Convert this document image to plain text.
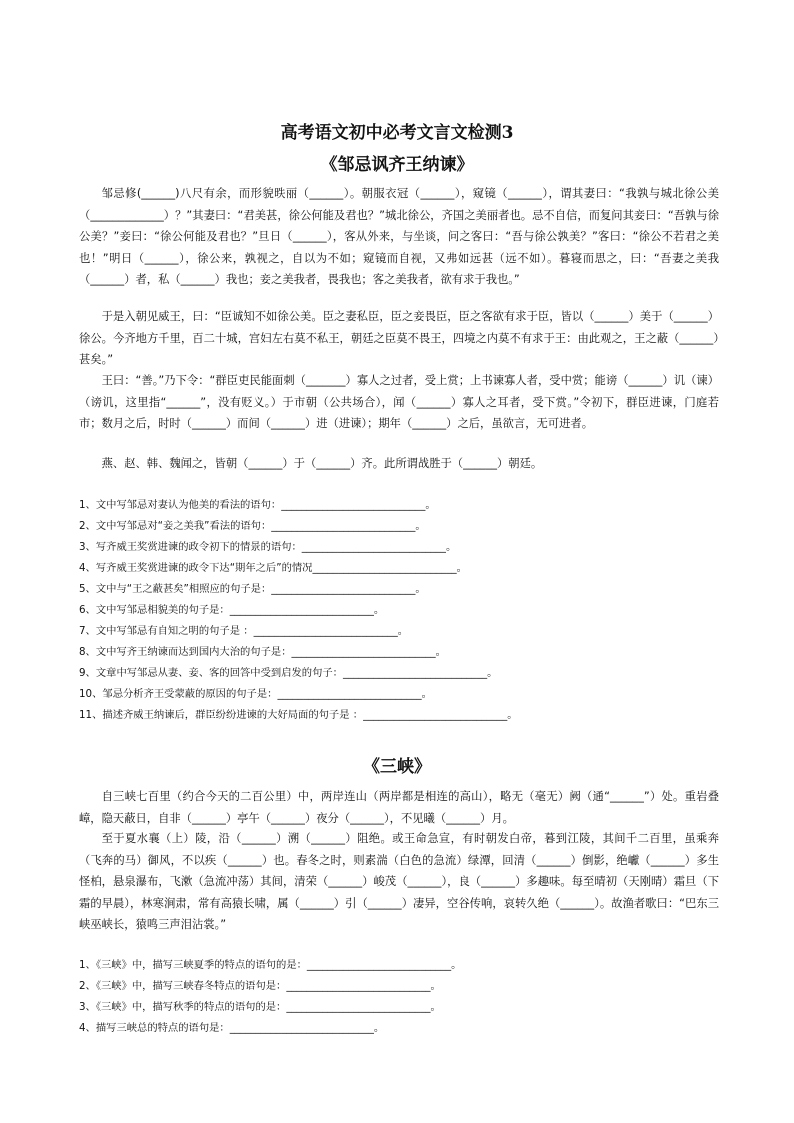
高考语文初中必考文言文检测3
《邹忌讽齐王纳谏》

邹忌修(______)八尺有余，而形貌昳丽（______）。朝服衣冠（______），窥镜（______），谓其妻曰：“我孰与城北徐公美（_____________）？”其妻曰：“君美甚，徐公何能及君也？”城北徐公，齐国之美丽者也。忌不自信，而复问其妾曰：“吾孰与徐公美？”妾曰：“徐公何能及君也？”旦日（______），客从外来，与坐谈，问之客曰：“吾与徐公孰美？”客曰：“徐公不若君之美也！”明日（______），徐公来，孰视之，自以为不如；窥镜而自视，又弗如远甚（远不如）。暮寝而思之，曰：“吾妻之美我（______）者，私（______）我也；妾之美我者，畏我也；客之美我者，欲有求于我也。”

于是入朝见威王，曰：“臣诚知不如徐公美。臣之妻私臣，臣之妾畏臣，臣之客欲有求于臣，皆以（______）美于（______）徐公。今齐地方千里，百二十城，宫妇左右莫不私王，朝廷之臣莫不畏王，四境之内莫不有求于王：由此观之，王之蔽（______）甚矣。”

王曰：“善。”乃下令：“群臣吏民能面刺（_______）寡人之过者，受上赏；上书谏寡人者，受中赏；能谤（______）讥（谏）（谤讥，这里指“______”，没有贬义。）于市朝（公共场合），闻（______）寡人之耳者，受下赏。”令初下，群臣进谏，门庭若市；数月之后，时时（______）而间（______）进（进谏）；期年（______）之后，虽欲言，无可进者。

燕、赵、韩、魏闻之，皆朝（______）于（______）齐。此所谓战胜于（______）朝廷。

1、文中写邹忌对妻认为他美的看法的语句：____________________________。

2、文中写邹忌对“妾之美我”看法的语句：____________________________。

3、写齐威王奖赏进谏的政令初下的情景的语句：____________________________。

4、写齐威王奖赏进谏的政令下达“期年之后”的情况____________________________。

5、文中与“王之蔽甚矣”相照应的句子是：____________________________。

6、文中写邹忌相貌美的句子是：____________________________。

7、文中写邹忌有自知之明的句子是 ：____________________________。

8、文中写齐王纳谏而达到国内大治的句子是：____________________________。

9、文章中写邹忌从妻、妾、客的回答中受到启发的句子：____________________________。

10、邹忌分析齐王受蒙蔽的原因的句子是：____________________________。

11、描述齐威王纳谏后，群臣纷纷进谏的大好局面的句子是 ：____________________________。

《三峡》

自三峡七百里（约合今天的二百公里）中，两岸连山（两岸都是相连的高山），略无（毫无）阙（通“______”）处。重岩叠嶂，隐天蔽日，自非（______）亭午（______）夜分（______），不见曦（______）月。

至于夏水襄（上）陵，沿（______）溯（______）阻绝。或王命急宣，有时朝发白帝，暮到江陵，其间千二百里，虽乘奔（飞奔的马）御风，不以疾（______）也。春冬之时，则素湍（白色的急流）绿潭，回清（______）倒影，绝巘（______）多生怪柏，悬泉瀑布，飞漱（急流冲荡）其间，清荣（______）峻茂（______），良（______）多趣味。每至晴初（天刚晴）霜旦（下霜的早晨），林寒涧肃，常有高猿长啸，属（______）引（______）凄异，空谷传响，哀转久绝（______）。故渔者歌曰：“巴东三峡巫峡长，猿鸣三声泪沾裳。”

1、《三峡》中，描写三峡夏季的特点的语句的是：____________________________。

2、《三峡》中，描写三峡春冬特点的语句是：____________________________。

3、《三峡》中，描写秋季的特点的语句的是：____________________________。

4、描写三峡总的特点的语句是：____________________________。
